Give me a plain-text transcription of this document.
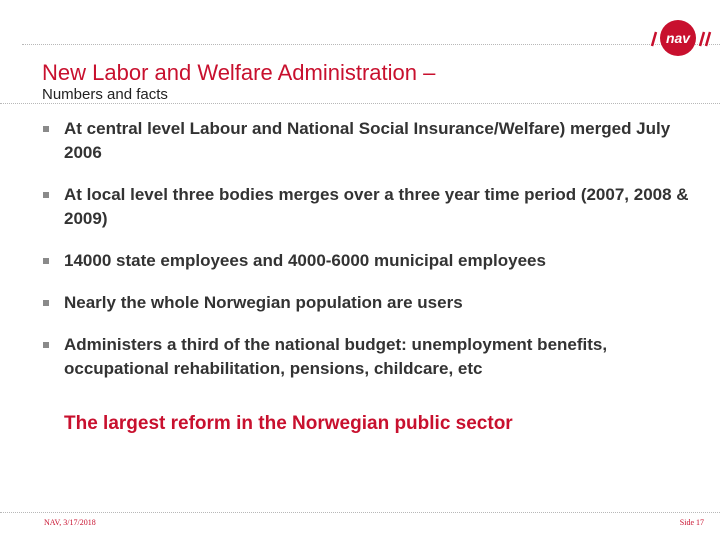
nav
New Labor and Welfare Administration –
Numbers and facts
At central level Labour and National Social Insurance/Welfare) merged July 2006
At local level three bodies merges over a three year time period (2007, 2008 & 2009)
14000 state employees and 4000-6000 municipal employees
Nearly the whole Norwegian population are users
Administers a third of the national budget: unemployment benefits, occupational rehabilitation, pensions, childcare, etc

The largest reform in the Norwegian public sector

NAV, 3/17/2018	Side 17
